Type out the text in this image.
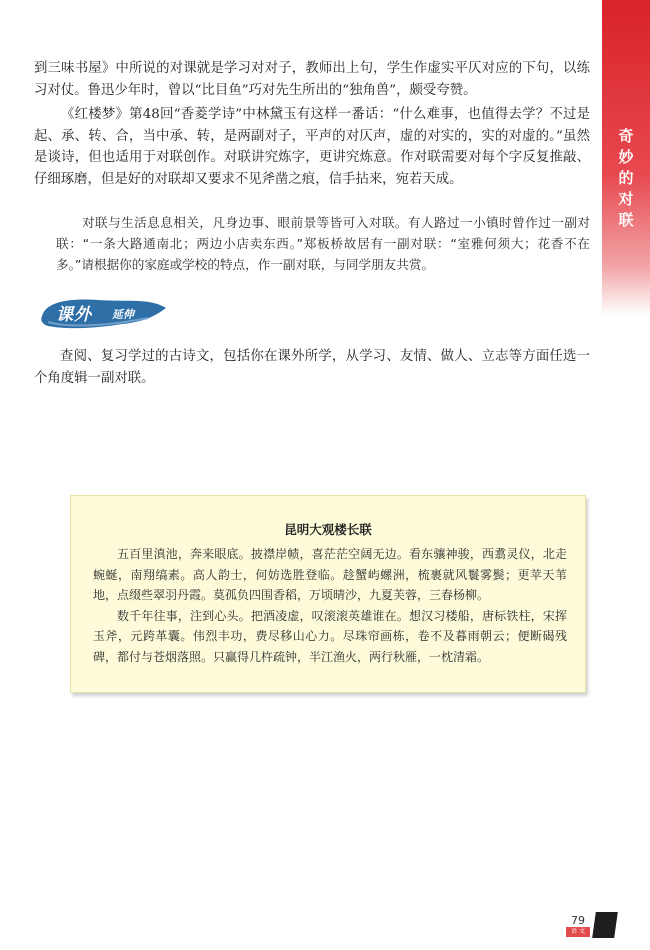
奇
妙
的
对
联

到三味书屋》中所说的对课就是学习对对子，教师出上句，学生作虚实平仄对应的下句，以练习对仗。鲁迅少年时，曾以“比目鱼”巧对先生所出的“独角兽”，颇受夸赞。

《红楼梦》第48回“香菱学诗”中林黛玉有这样一番话：“什么难事，也值得去学？不过是起、承、转、合，当中承、转，是两副对子，平声的对仄声，虚的对实的，实的对虚的。”虽然是谈诗，但也适用于对联创作。对联讲究炼字，更讲究炼意。作对联需要对每个字反复推敲、仔细琢磨，但是好的对联却又要求不见斧凿之痕，信手拈来，宛若天成。

对联与生活息息相关，凡身边事、眼前景等皆可入对联。有人路过一小镇时曾作过一副对联：“一条大路通南北；两边小店卖东西。”郑板桥故居有一副对联：“室雅何须大；花香不在多。”请根据你的家庭或学校的特点，作一副对联，与同学朋友共赏。

课外 延伸

查阅、复习学过的古诗文，包括你在课外所学，从学习、友情、做人、立志等方面任选一个角度辑一副对联。

昆明大观楼长联

五百里滇池，奔来眼底。披襟岸帻，喜茫茫空阔无边。看东骧神骏，西翥灵仪，北走蜿蜒，南翔缟素。高人韵士，何妨选胜登临。趁蟹屿螺洲，梳裹就风鬟雾鬓；更苹天苇地，点缀些翠羽丹霞。莫孤负四围香稻，万顷晴沙，九夏芙蓉，三春杨柳。

数千年往事，注到心头。把酒凌虚，叹滚滚英雄谁在。想汉习楼船，唐标铁柱，宋挥玉斧，元跨革囊。伟烈丰功，费尽移山心力。尽珠帘画栋，卷不及暮雨朝云；便断碣残碑，都付与苍烟落照。只赢得几杵疏钟，半江渔火，两行秋雁，一枕清霜。

79
语 文
